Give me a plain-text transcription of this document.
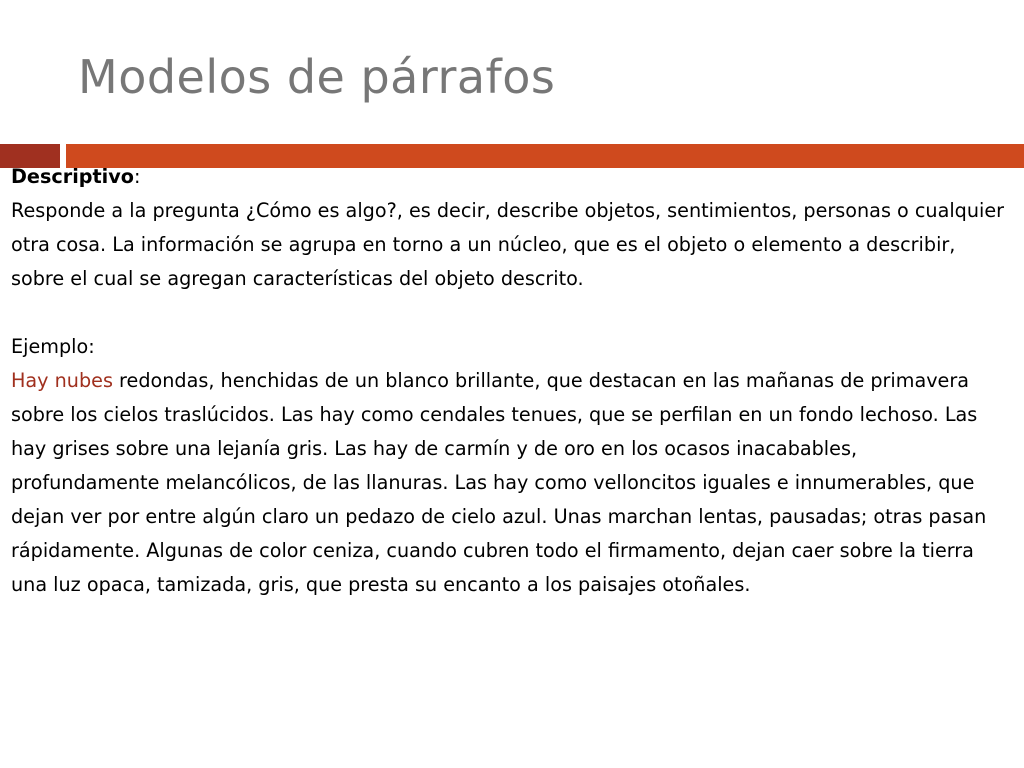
Modelos de párrafos

Descriptivo:

Responde a la pregunta ¿Cómo es algo?, es decir, describe objetos, sentimientos, personas o cualquier otra cosa. La información se agrupa en torno a un núcleo, que es el objeto o elemento a describir, sobre el cual se agregan características del objeto descrito.

Ejemplo:

Hay nubes redondas, henchidas de un blanco brillante, que destacan en las mañanas de primavera sobre los cielos traslúcidos. Las hay como cendales tenues, que se perfilan en un fondo lechoso. Las hay grises sobre una lejanía gris. Las hay de carmín y de oro en los ocasos inacabables, profundamente melancólicos, de las llanuras. Las hay como velloncitos iguales e innumerables, que dejan ver por entre algún claro un pedazo de cielo azul. Unas marchan lentas, pausadas; otras pasan rápidamente. Algunas de color ceniza, cuando cubren todo el firmamento, dejan caer sobre la tierra una luz opaca, tamizada, gris, que presta su encanto a los paisajes otoñales.
